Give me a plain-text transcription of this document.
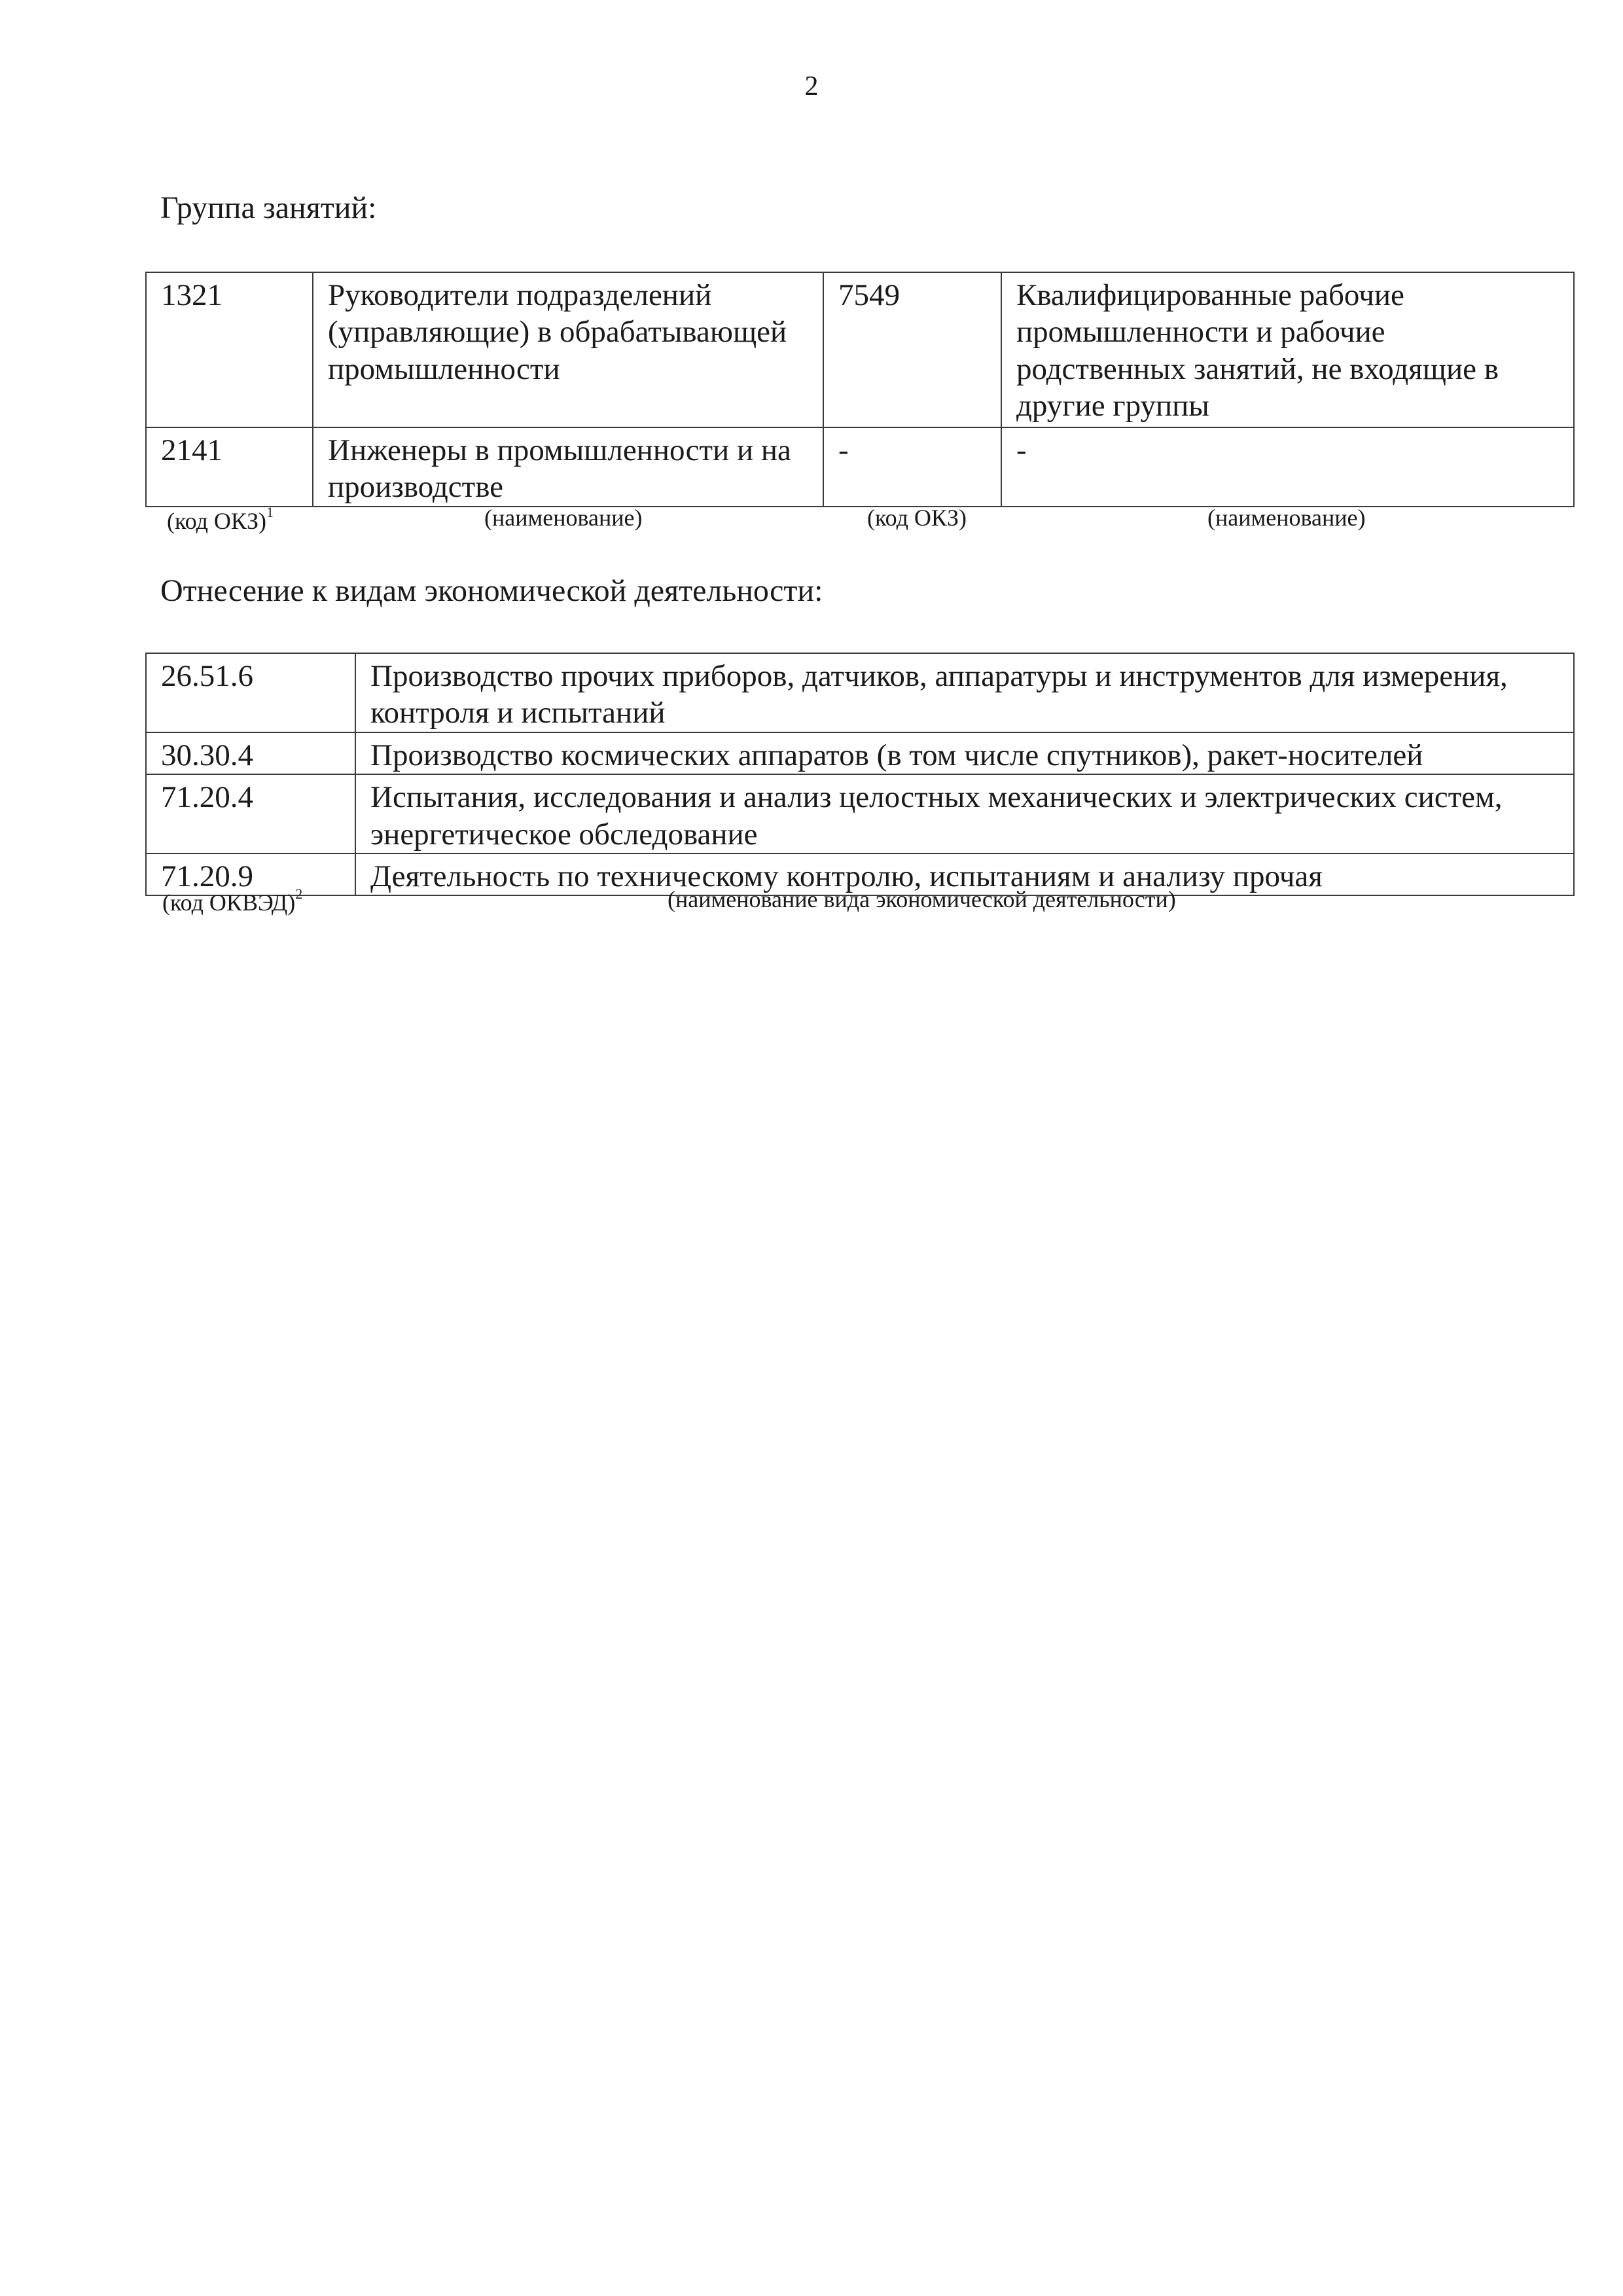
2
Группа занятий:
1321	Руководители подразделений (управляющие) в обрабатывающей промышленности	7549	Квалифицированные рабочие промышленности и рабочие родственных занятий, не входящие в другие группы
2141	Инженеры в промышленности и на производстве	-	-
(код ОКЗ)$^1$	(наименование)	(код ОКЗ)	(наименование)
Отнесение к видам экономической деятельности:
26.51.6	Производство прочих приборов, датчиков, аппаратуры и инструментов для измерения, контроля и испытаний
30.30.4	Производство космических аппаратов (в том числе спутников), ракет-носителей
71.20.4	Испытания, исследования и анализ целостных механических и электрических систем, энергетическое обследование
71.20.9	Деятельность по техническому контролю, испытаниям и анализу прочая
(код ОКВЭД)$^2$	(наименование вида экономической деятельности)
